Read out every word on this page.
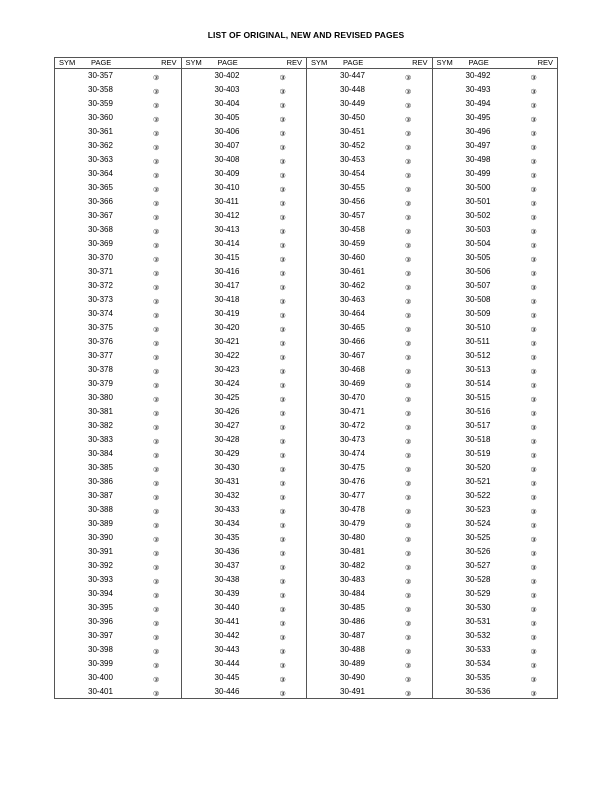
LIST OF ORIGINAL, NEW AND REVISED PAGES
SYM PAGE	REV
30-357	③
30-358	③
30-359	③
30-360	③
30-361	③
30-362	③
30-363	③
30-364	③
30-365	③
30-366	③
30-367	③
30-368	③
30-369	③
30-370	③
30-371	③
30-372	③
30-373	③
30-374	③
30-375	③
30-376	③
30-377	③
30-378	③
30-379	③
30-380	③
30-381	③
30-382	③
30-383	③
30-384	③
30-385	③
30-386	③
30-387	③
30-388	③
30-389	③
30-390	③
30-391	③
30-392	③
30-393	③
30-394	③
30-395	③
30-396	③
30-397	③
30-398	③
30-399	③
30-400	③
30-401	③
SYM PAGE	REV
30-402	③
30-403	③
30-404	③
30-405	③
30-406	③
30-407	③
30-408	③
30-409	③
30-410	③
30-411	③
30-412	③
30-413	③
30-414	③
30-415	③
30-416	③
30-417	③
30-418	③
30-419	③
30-420	③
30-421	③
30-422	③
30-423	③
30-424	③
30-425	③
30-426	③
30-427	③
30-428	③
30-429	③
30-430	③
30-431	③
30-432	③
30-433	③
30-434	③
30-435	③
30-436	③
30-437	③
30-438	③
30-439	③
30-440	③
30-441	③
30-442	③
30-443	③
30-444	③
30-445	③
30-446	③
SYM PAGE	REV
30-447	③
30-448	③
30-449	③
30-450	③
30-451	③
30-452	③
30-453	③
30-454	③
30-455	③
30-456	③
30-457	③
30-458	③
30-459	③
30-460	③
30-461	③
30-462	③
30-463	③
30-464	③
30-465	③
30-466	③
30-467	③
30-468	③
30-469	③
30-470	③
30-471	③
30-472	③
30-473	③
30-474	③
30-475	③
30-476	③
30-477	③
30-478	③
30-479	③
30-480	③
30-481	③
30-482	③
30-483	③
30-484	③
30-485	③
30-486	③
30-487	③
30-488	③
30-489	③
30-490	③
30-491	③
SYM PAGE	REV
30-492	③
30-493	③
30-494	③
30-495	③
30-496	③
30-497	③
30-498	③
30-499	③
30-500	③
30-501	③
30-502	③
30-503	③
30-504	③
30-505	③
30-506	③
30-507	③
30-508	③
30-509	③
30-510	③
30-511	③
30-512	③
30-513	③
30-514	③
30-515	③
30-516	③
30-517	③
30-518	③
30-519	③
30-520	③
30-521	③
30-522	③
30-523	③
30-524	③
30-525	③
30-526	③
30-527	③
30-528	③
30-529	③
30-530	③
30-531	③
30-532	③
30-533	③
30-534	③
30-535	③
30-536	③
